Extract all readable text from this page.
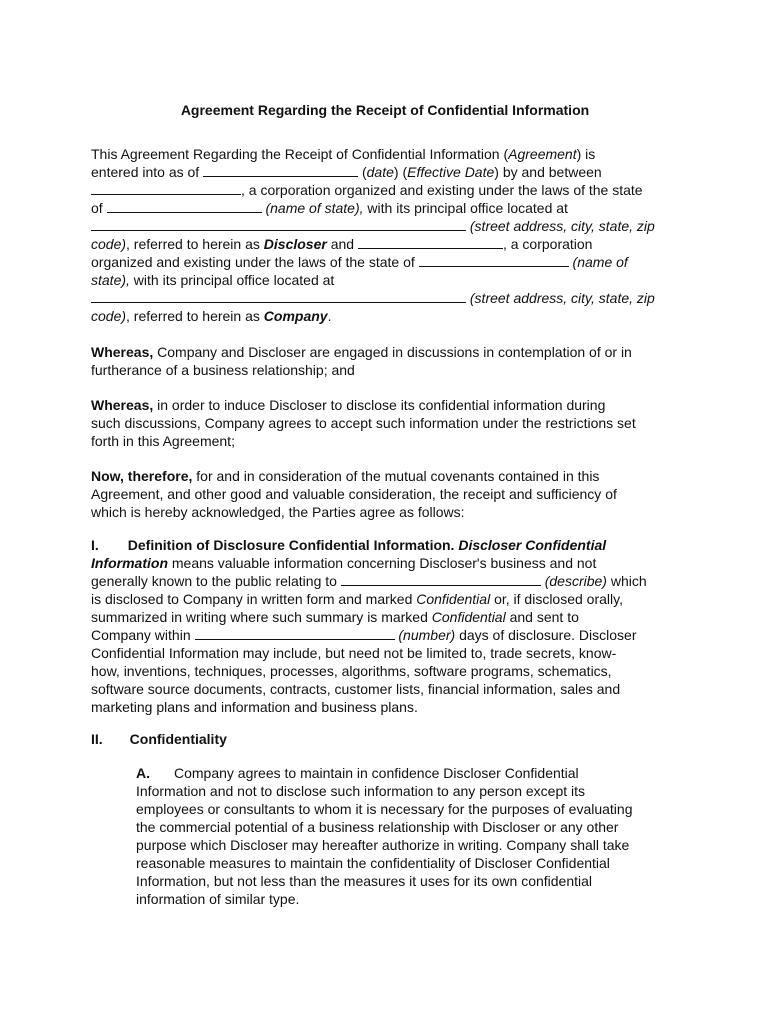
Agreement Regarding the Receipt of Confidential Information
This Agreement Regarding the Receipt of Confidential Information (Agreement) is
entered into as of	(date) (Effective Date) by and between
, a corporation organized and existing under the laws of the state
of	(name of state), with its principal office located at
(street address, city, state, zip
code), referred to herein as Discloser and	, a corporation
organized and existing under the laws of the state of	(name of
state), with its principal office located at
(street address, city, state, zip
code), referred to herein as Company.
Whereas, Company and Discloser are engaged in discussions in contemplation of or in
furtherance of a business relationship; and
Whereas, in order to induce Discloser to disclose its confidential information during
such discussions, Company agrees to accept such information under the restrictions set
forth in this Agreement;
Now, therefore, for and in consideration of the mutual covenants contained in this
Agreement, and other good and valuable consideration, the receipt and sufficiency of
which is hereby acknowledged, the Parties agree as follows:
I. Definition of Disclosure Confidential Information. Discloser Confidential
Information means valuable information concerning Discloser's business and not
generally known to the public relating to	(describe) which
is disclosed to Company in written form and marked Confidential or, if disclosed orally,
summarized in writing where such summary is marked Confidential and sent to
Company within	(number) days of disclosure. Discloser
Confidential Information may include, but need not be limited to, trade secrets, know-
how, inventions, techniques, processes, algorithms, software programs, schematics,
software source documents, contracts, customer lists, financial information, sales and
marketing plans and information and business plans.
II. Confidentiality
A. Company agrees to maintain in confidence Discloser Confidential
Information and not to disclose such information to any person except its
employees or consultants to whom it is necessary for the purposes of evaluating
the commercial potential of a business relationship with Discloser or any other
purpose which Discloser may hereafter authorize in writing. Company shall take
reasonable measures to maintain the confidentiality of Discloser Confidential
Information, but not less than the measures it uses for its own confidential
information of similar type.
